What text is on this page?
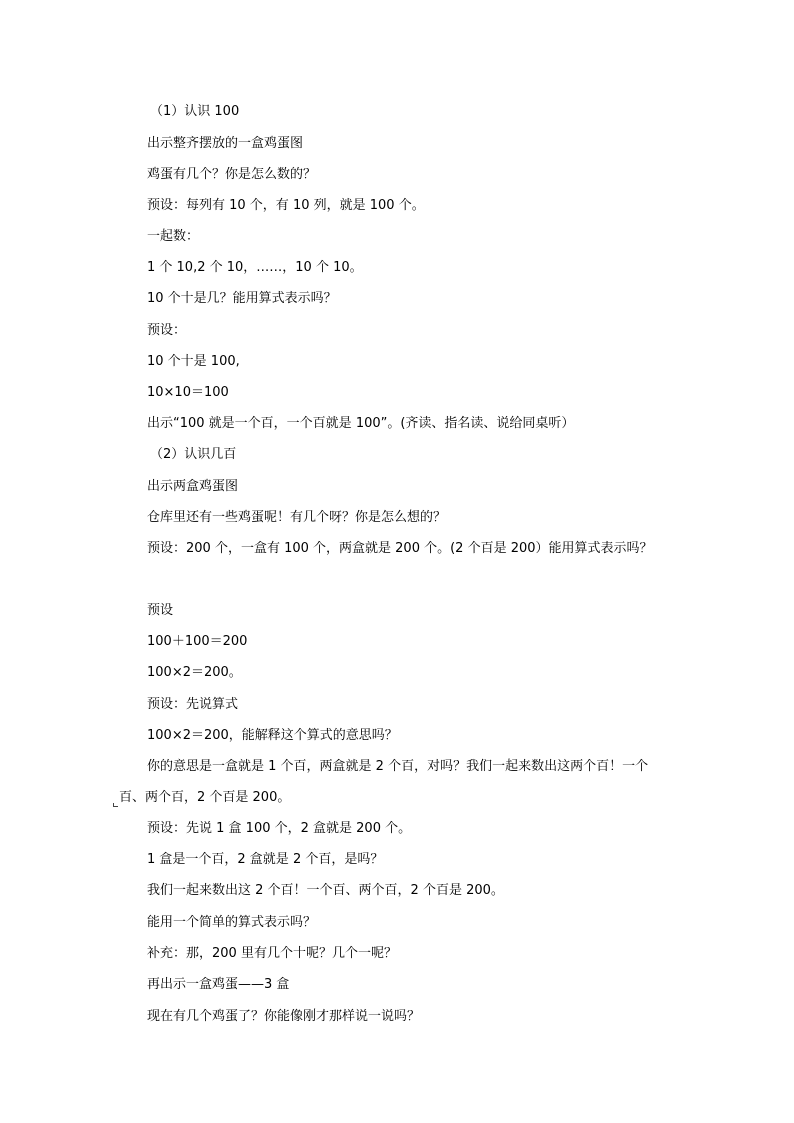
（1）认识 100
出示整齐摆放的一盒鸡蛋图
鸡蛋有几个？你是怎么数的？
预设：每列有 10 个，有 10 列，就是 100 个。
一起数：
1 个 10,2 个 10，……，10 个 10。
10 个十是几？能用算式表示吗？
预设：
10 个十是 100,
10×10＝100
出示“100 就是一个百，一个百就是 100”。(齐读、指名读、说给同桌听）
（2）认识几百
出示两盒鸡蛋图
仓库里还有一些鸡蛋呢！有几个呀？你是怎么想的？
预设：200 个，一盒有 100 个，两盒就是 200 个。(2 个百是 200）能用算式表示吗？
预设
100＋100＝200
100×2＝200。
预设：先说算式
100×2＝200，能解释这个算式的意思吗？
你的意思是一盒就是 1 个百，两盒就是 2 个百，对吗？我们一起来数出这两个百！一个
百、两个百，2 个百是 200。
预设：先说 1 盒 100 个，2 盒就是 200 个。
1 盒是一个百，2 盒就是 2 个百，是吗？
我们一起来数出这 2 个百！一个百、两个百，2 个百是 200。
能用一个简单的算式表示吗？
补充：那，200 里有几个十呢？几个一呢？
再出示一盒鸡蛋——3 盒
现在有几个鸡蛋了？你能像刚才那样说一说吗？
